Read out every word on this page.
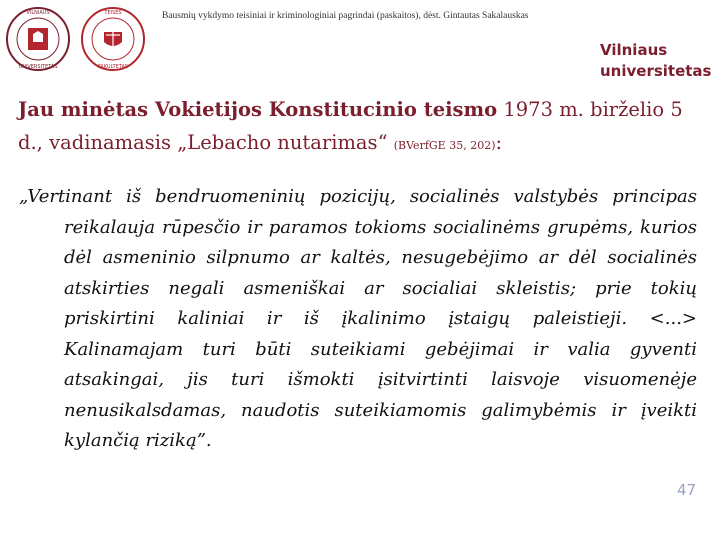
Bausmių vykdymo teisiniai ir kriminologiniai pagrindai (paskaitos), dėst. Gintautas Sakalauskas
VILNIAUS
UNIVERSITETAS
TEISĖS
FAKULTETAS
Vilniaus
universitetas
Jau minėtas Vokietijos Konstitucinio teismo 1973 m. birželio 5 d., vadinamasis „Lebacho nutarimas“ (BVerfGE 35, 202):
„Vertinant iš bendruomeninių pozicijų, socialinės valstybės principas reikalauja rūpesčio ir paramos tokioms socialinėms grupėms, kurios dėl asmeninio silpnumo ar kaltės, nesugebėjimo ar dėl socialinės atskirties negali asmeniškai ar socialiai skleistis; prie tokių priskirtini kaliniai ir iš įkalinimo įstaigų paleistieji. <...> Kalinamajam turi būti suteikiami gebėjimai ir valia gyventi atsakingai, jis turi išmokti įsitvirtinti laisvoje visuomenėje nenusikalsdamas, naudotis suteikiamomis galimybėmis ir įveikti kylančią riziką”.
47
